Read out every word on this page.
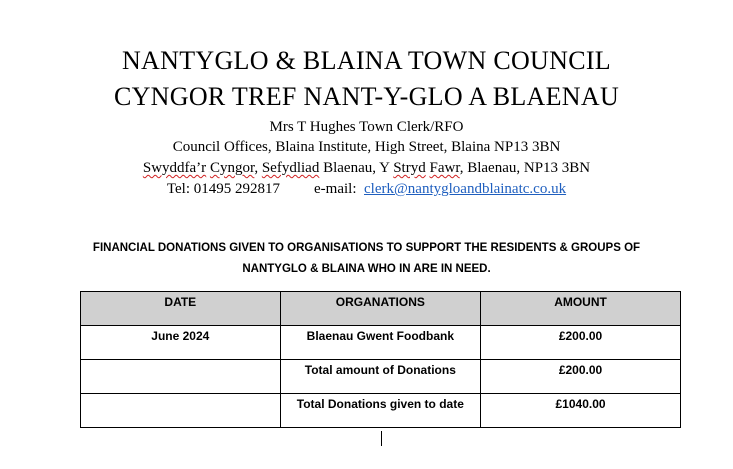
NANTYGLO & BLAINA TOWN COUNCIL
CYNGOR TREF NANT-Y-GLO A BLAENAU
Mrs T Hughes Town Clerk/RFO
Council Offices, Blaina Institute, High Street, Blaina NP13 3BN
Swyddfa’r Cyngor, Sefydliad Blaenau, Y Stryd Fawr, Blaenau, NP13 3BN
Tel: 01495 292817 e-mail: clerk@nantygloandblainatc.co.uk
FINANCIAL DONATIONS GIVEN TO ORGANISATIONS TO SUPPORT THE RESIDENTS & GROUPS OF
NANTYGLO & BLAINA WHO IN ARE IN NEED.
DATE	ORGANATIONS	AMOUNT
June 2024	Blaenau Gwent Foodbank	£200.00
	Total amount of Donations	£200.00
	Total Donations given to date	£1040.00
